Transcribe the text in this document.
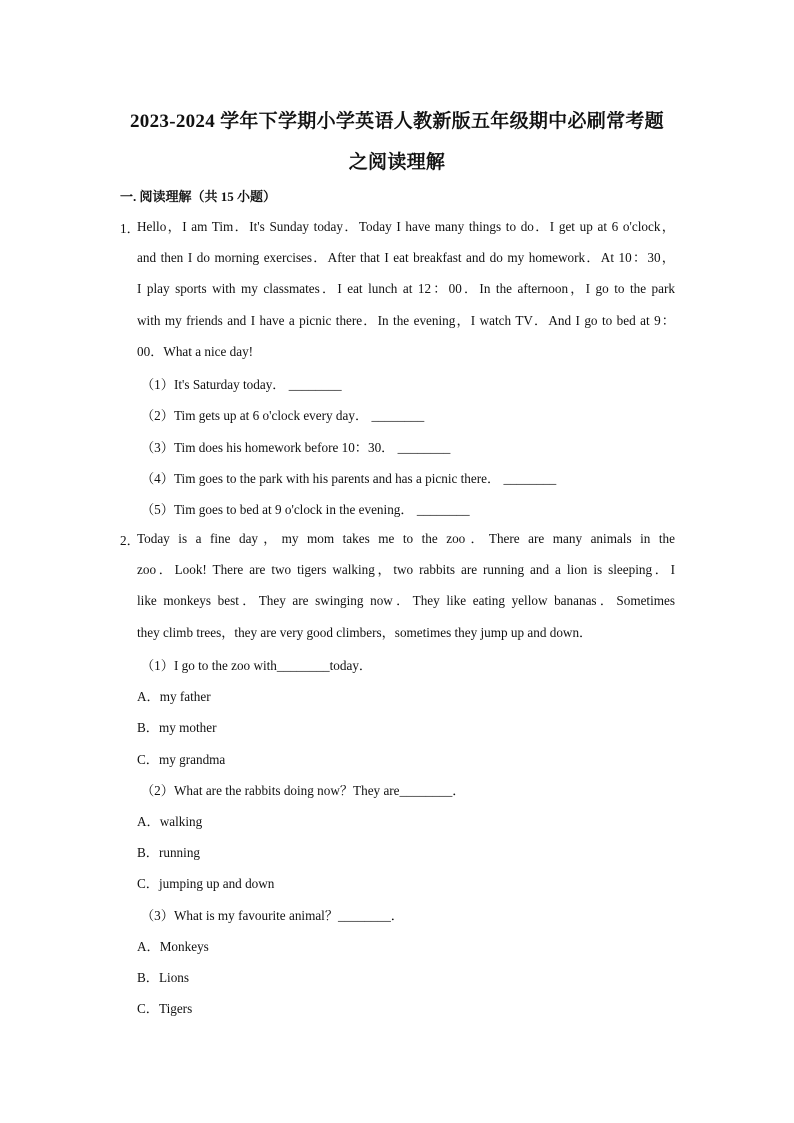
2023-2024 学年下学期小学英语人教新版五年级期中必刷常考题
之阅读理解
一. 阅读理解（共 15 小题）
1．
Hello，I am Tim．It's Sunday today．Today I have many things to do．I get up at 6 o'clock，
and then I do morning exercises．After that I eat breakfast and do my homework．At 10：30，
I play sports with my classmates．I eat lunch at 12：00．In the afternoon，I go to the park
with my friends and I have a picnic there．In the evening，I watch TV．And I go to bed at 9：
00．What a nice day!
（1）It's Saturday today． ________
（2）Tim gets up at 6 o'clock every day． ________
（3）Tim does his homework before 10：30． ________
（4）Tim goes to the park with his parents and has a picnic there． ________
（5）Tim goes to bed at 9 o'clock in the evening． ________
2．
Today is a fine day，my mom takes me to the zoo．There are many animals in the
zoo．Look! There are two tigers walking，two rabbits are running and a lion is sleeping．I
like monkeys best．They are swinging now．They like eating yellow bananas．Sometimes
they climb trees，they are very good climbers，sometimes they jump up and down．
（1）I go to the zoo with________today．
A．my father
B．my mother
C．my grandma
（2）What are the rabbits doing now？They are________．
A．walking
B．running
C．jumping up and down
（3）What is my favourite animal？________．
A．Monkeys
B．Lions
C．Tigers
